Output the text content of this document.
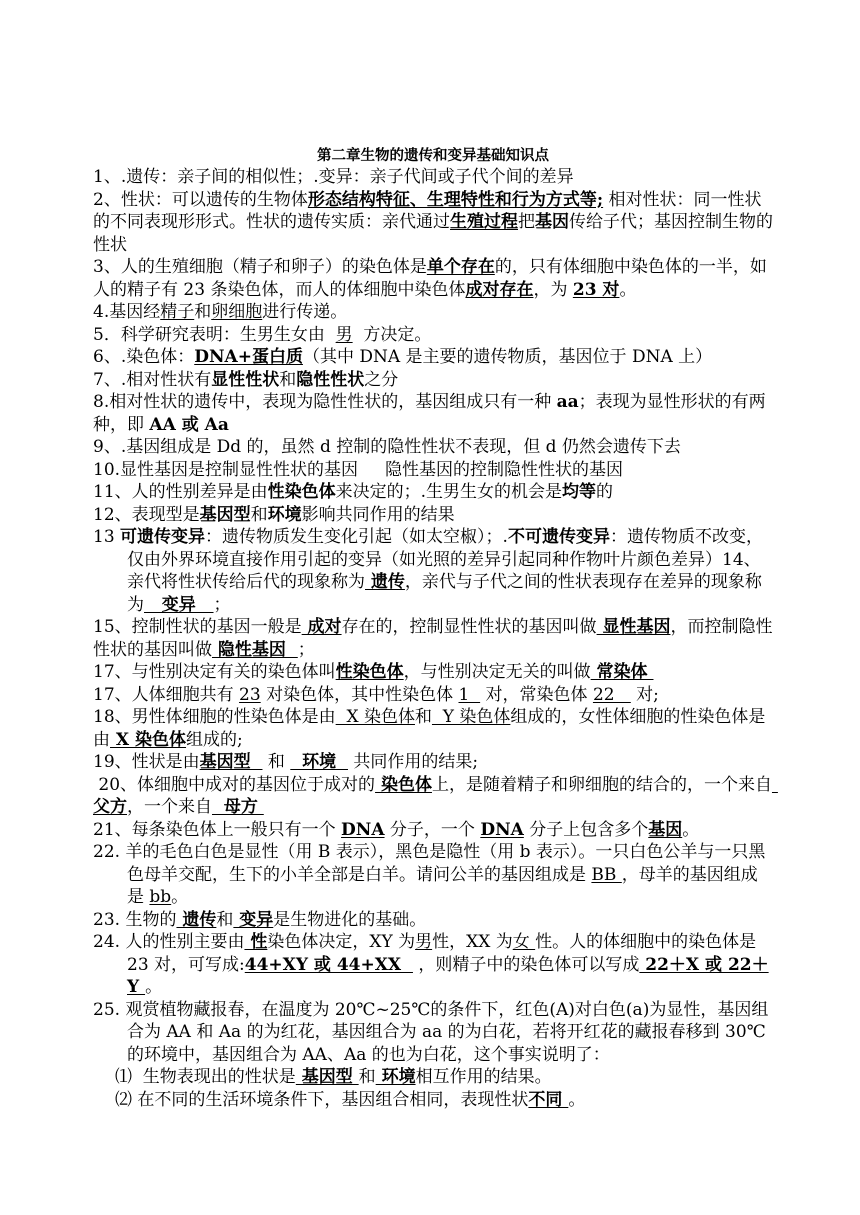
第二章生物的遗传和变异基础知识点
1、.遗传：亲子间的相似性；.变异：亲子代间或子代个间的差异
2、性状：可以遗传的生物体形态结构特征、生理特性和行为方式等; 相对性状：同一性状的不同表现形形式。性状的遗传实质：亲代通过生殖过程把基因传给子代；基因控制生物的性状
3、人的生殖细胞（精子和卵子）的染色体是单个存在的，只有体细胞中染色体的一半，如人的精子有 23 条染色体，而人的体细胞中染色体成对存在，为 23 对。
4.基因经精子和卵细胞进行传递。
5．科学研究表明：生男生女由  男  方决定。
6、.染色体：DNA+蛋白质（其中 DNA 是主要的遗传物质，基因位于 DNA 上）
7、.相对性状有显性性状和隐性性状之分
8.相对性状的遗传中，表现为隐性性状的，基因组成只有一种 aa；表现为显性形状的有两种，即 AA 或 Aa
9、.基因组成是 Dd 的，虽然 d 控制的隐性性状不表现，但 d 仍然会遗传下去
10.显性基因是控制显性性状的基因     隐性基因的控制隐性性状的基因
11、人的性别差异是由性染色体来决定的；.生男生女的机会是均等的
12、表现型是基因型和环境影响共同作用的结果
13 可遗传变异：遗传物质发生变化引起（如太空椒）；.不可遗传变异：遗传物质不改变，仅由外界环境直接作用引起的变异（如光照的差异引起同种作物叶片颜色差异）14、亲代将性状传给后代的现象称为 遗传，亲代与子代之间的性状表现存在差异的现象称为   变异   ；
15、控制性状的基因一般是 成对存在的，控制显性性状的基因叫做 显性基因，而控制隐性性状的基因叫做 隐性基因  ；
17、与性别决定有关的染色体叫性染色体，与性别决定无关的叫做 常染体
17、人体细胞共有 23 对染色体，其中性染色体 1   对，常染色体 22    对;
18、男性体细胞的性染色体是由  X 染色体和  Y 染色体组成的，女性体细胞的性染色体是由 X 染色体组成的;
19、性状是由基因型   和   环境   共同作用的结果;
20、体细胞中成对的基因位于成对的 染色体上，是随着精子和卵细胞的结合的，一个来自 父方，一个来自  母方
21、每条染色体上一般只有一个 DNA 分子，一个 DNA 分子上包含多个基因。
22. 羊的毛色白色是显性（用 B 表示），黑色是隐性（用 b 表示）。一只白色公羊与一只黑色母羊交配，生下的小羊全部是白羊。请问公羊的基因组成是 BB ，母羊的基因组成是 bb。
23. 生物的 遗传和 变异是生物进化的基础。
24. 人的性别主要由 性染色体决定，XY 为男性，XX 为女 性。人的体细胞中的染色体是 23 对，可写成:44+XY 或 44+XX   ，则精子中的染色体可以写成 22＋X 或 22＋Y 。
25. 观赏植物藏报春，在温度为 20℃~25℃的条件下，红色(A)对白色(a)为显性，基因组合为 AA 和 Aa 的为红花，基因组合为 aa 的为白花，若将开红花的藏报春移到 30℃的环境中，基因组合为 AA、Aa 的也为白花，这个事实说明了：
⑴  生物表现出的性状是 基因型 和 环境相互作用的结果。
⑵ 在不同的生活环境条件下，基因组合相同，表现性状不同 。
